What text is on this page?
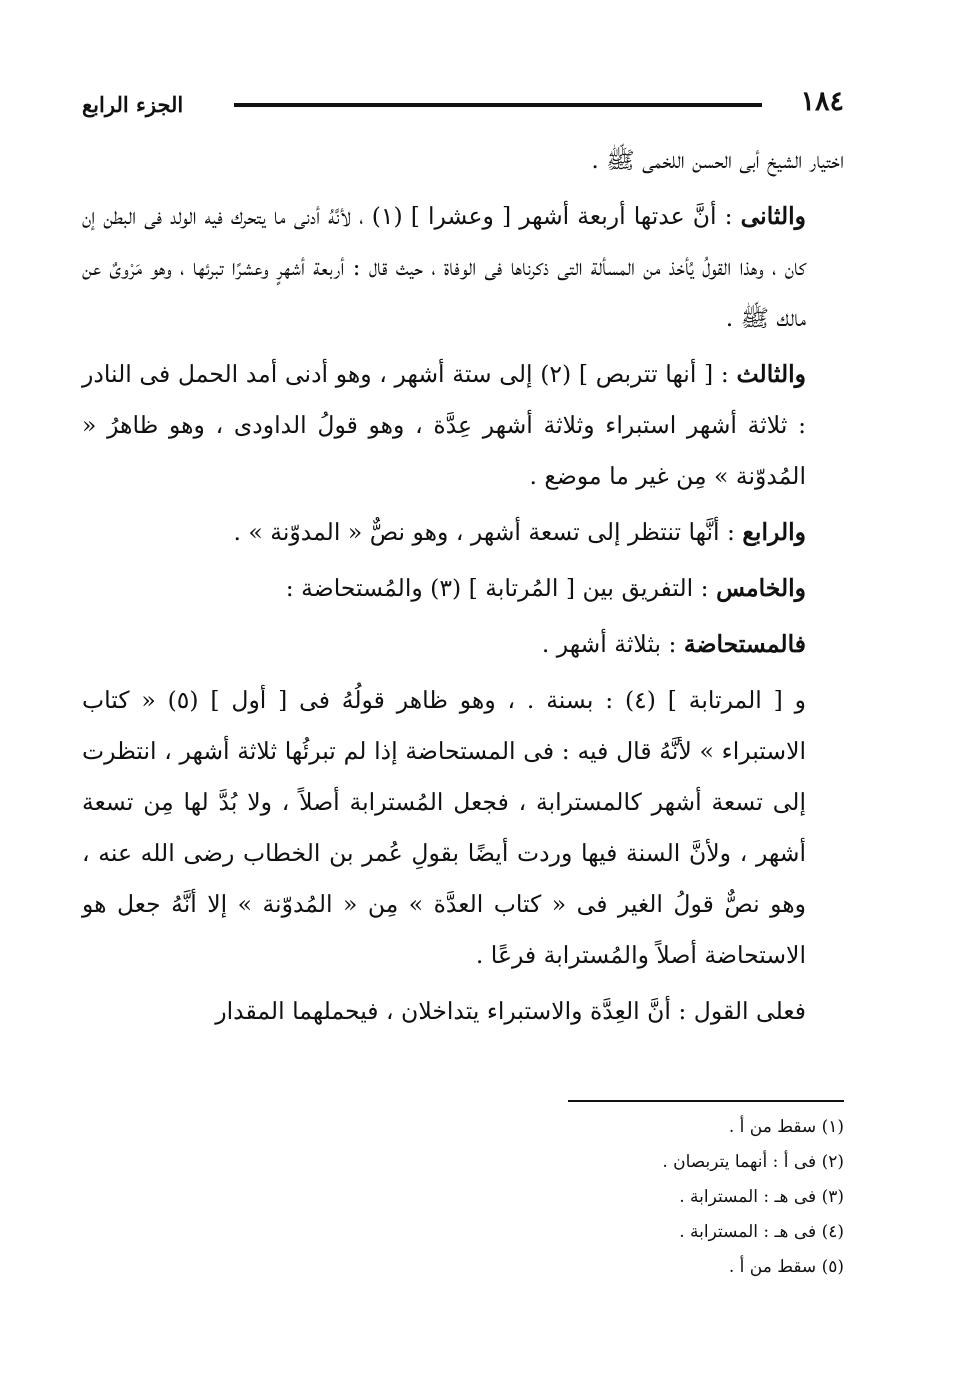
الجزء الرابع	١٨٤

اختيار الشيخ أبى الحسن اللخمى ﷺ .

والثانى : أنَّ عدتها أربعة أشهر [ وعشرا ] (١) ، لأنَّهُ أدنى ما يتحرك فيه الولد فى البطن إن كان ، وهذا القولُ يُأخذ من المسألة التى ذكرناها فى الوفاة ، حيث قال : أربعة أشهرٍ وعشرًا تبرئها ، وهو مَرْوىٌ عن مالك ﷺ .

والثالث : [ أنها تتربص ] (٢) إلى ستة أشهر ، وهو أدنى أمد الحمل فى النادر : ثلاثة أشهر استبراء وثلاثة أشهر عِدَّة ، وهو قولُ الداودى ، وهو ظاهرُ « المُدوّنة » مِن غير ما موضع .

والرابع : أنَّها تنتظر إلى تسعة أشهر ، وهو نصٌّ « المدوّنة » .

والخامس : التفريق بين [ المُرتابة ] (٣) والمُستحاضة :

فالمستحاضة : بثلاثة أشهر .

و [ المرتابة ] (٤) : بسنة . ، وهو ظاهر قولُهُ فى [ أول ] (٥) « كتاب الاستبراء » لأنَّهُ قال فيه : فى المستحاضة إذا لم تبرئُها ثلاثة أشهر ، انتظرت إلى تسعة أشهر كالمسترابة ، فجعل المُسترابة أصلاً ، ولا بُدَّ لها مِن تسعة أشهر ، ولأنَّ السنة فيها وردت أيضًا بقولِ عُمر بن الخطاب رضى الله عنه ، وهو نصٌّ قولُ الغير فى « كتاب العدَّة » مِن « المُدوّنة » إلا أنَّهُ جعل هو الاستحاضة أصلاً والمُسترابة فرعًا .

فعلى القول : أنَّ العِدَّة والاستبراء يتداخلان ، فيحملهما المقدار

(١) سقط من أ .
(٢) فى أ : أنهما يتربصان .
(٣) فى هـ : المسترابة .
(٤) فى هـ : المسترابة .
(٥) سقط من أ .
